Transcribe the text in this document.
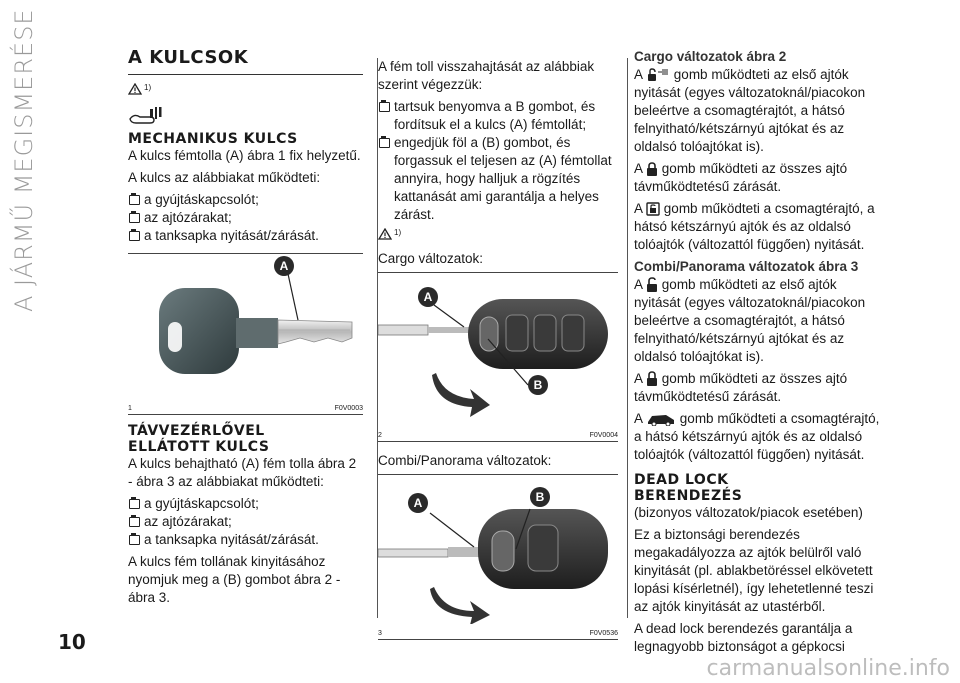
A JÁRMŰ MEGISMERÉSE
10
A KULCSOK
1)
MECHANIKUS KULCS

A kulcs fémtolla (A) ábra 1 fix helyzetű.

A kulcs az alábbiakat működteti:

a gyújtáskapcsolót;
az ajtózárakat;
a tanksapka nyitását/zárását.
A
1	F0V0003
TÁVVEZÉRLŐVEL
ELLÁTOTT KULCS

A kulcs behajtható (A) fém tolla ábra 2 - ábra 3 az alábbiakat működteti:

a gyújtáskapcsolót;
az ajtózárakat;
a tanksapka nyitását/zárását.

A kulcs fém tollának kinyitásához nyomjuk meg a (B) gombot ábra 2 - ábra 3.

A fém toll visszahajtását az alábbiak szerint végezzük:

tartsuk benyomva a B gombot, és fordítsuk el a kulcs (A) fémtollát;
engedjük föl a (B) gombot, és forgassuk el teljesen az (A) fémtollat annyira, hogy halljuk a rögzítés kattanását ami garantálja a helyes zárást.
1)

Cargo változatok:

A
B
2	F0V0004

Combi/Panorama változatok:

A	B
3	F0V0536
Cargo változatok ábra 2

A gomb működteti az első ajtók nyitását (egyes változatoknál/piacokon beleértve a csomagtérajtót, a hátsó felnyitható/kétszárnyú ajtókat és az oldalsó tolóajtókat is).

A gomb működteti az összes ajtó távműködtetésű zárását.

A gomb működteti a csomagtérajtó, a hátsó kétszárnyú ajtók és az oldalsó tolóajtók (változattól függően) nyitását.

Combi/Panorama változatok ábra 3

A gomb működteti az első ajtók nyitását (egyes változatoknál/piacokon beleértve a csomagtérajtót, a hátsó felnyitható/kétszárnyú ajtókat és az oldalsó tolóajtókat is).

A gomb működteti az összes ajtó távműködtetésű zárását.

A	gomb működteti a csomagtérajtó, a hátsó kétszárnyú ajtók és az oldalsó tolóajtók (változattól függően) nyitását.

DEAD LOCK
BERENDEZÉS

(bizonyos változatok/piacok esetében)

Ez a biztonsági berendezés megakadályozza az ajtók belülről való kinyitását (pl. ablakbetöréssel elkövetett lopási kísérletnél), így lehetetlenné teszi az ajtók kinyitását az utastérből.

A dead lock berendezés garantálja a legnagyobb biztonságot a gépkocsi

carmanualsonline.info
